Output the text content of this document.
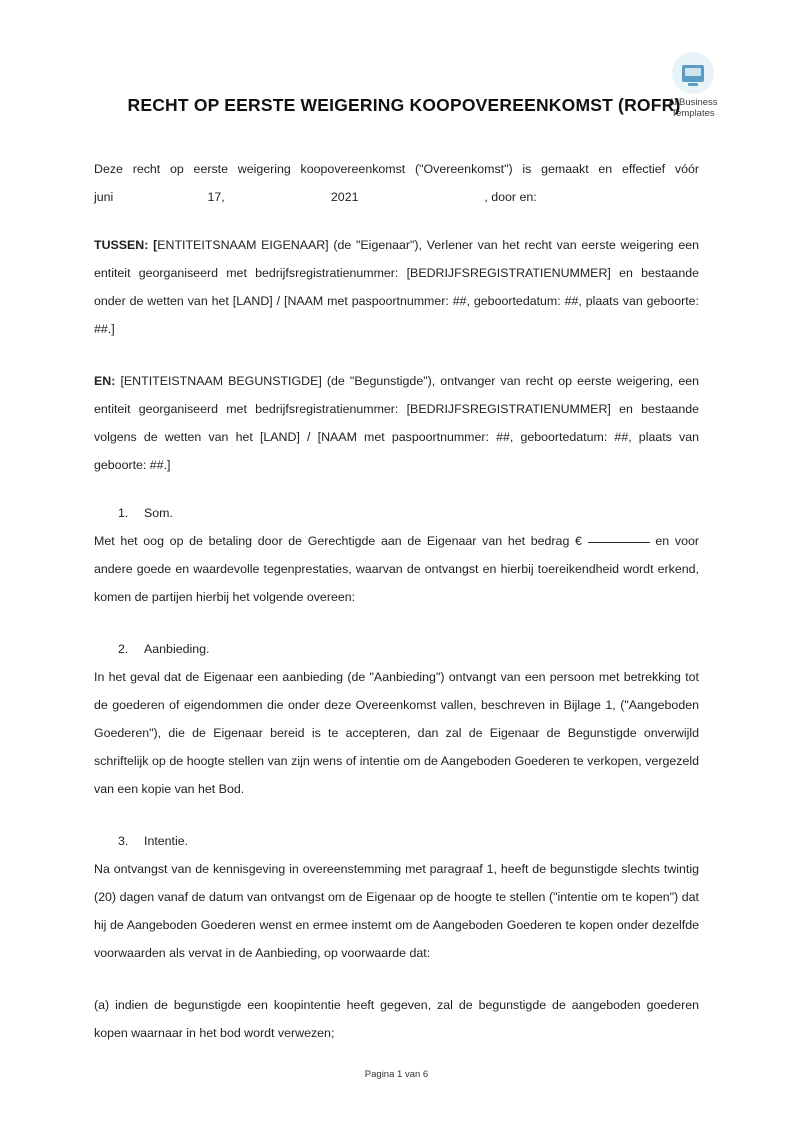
AllBusiness
Templates
RECHT OP EERSTE WEIGERING KOOPOVEREENKOMST (ROFR)

Deze recht op eerste weigering koopovereenkomst ("Overeenkomst") is gemaakt en effectief vóór juni	17,	2021	, door en:

TUSSEN: [ENTITEITSNAAM EIGENAAR] (de "Eigenaar"), Verlener van het recht van eerste weigering een entiteit georganiseerd met bedrijfsregistratienummer: [BEDRIJFSREGISTRATIENUMMER] en bestaande onder de wetten van het [LAND] / [NAAM met paspoortnummer: ##, geboortedatum: ##, plaats van geboorte: ##.]

EN: [ENTITEISTNAAM BEGUNSTIGDE] (de "Begunstigde"), ontvanger van recht op eerste weigering, een entiteit georganiseerd met bedrijfsregistratienummer: [BEDRIJFSREGISTRATIENUMMER] en bestaande volgens de wetten van het [LAND] / [NAAM met paspoortnummer: ##, geboortedatum: ##, plaats van geboorte: ##.]

1. Som.

Met het oog op de betaling door de Gerechtigde aan de Eigenaar van het bedrag €	en voor andere goede en waardevolle tegenprestaties, waarvan de ontvangst en hierbij toereikendheid wordt erkend, komen de partijen hierbij het volgende overeen:

2. Aanbieding.

In het geval dat de Eigenaar een aanbieding (de "Aanbieding") ontvangt van een persoon met betrekking tot de goederen of eigendommen die onder deze Overeenkomst vallen, beschreven in Bijlage 1, ("Aangeboden Goederen"), die de Eigenaar bereid is te accepteren, dan zal de Eigenaar de Begunstigde onverwijld schriftelijk op de hoogte stellen van zijn wens of intentie om de Aangeboden Goederen te verkopen, vergezeld van een kopie van het Bod.

3. Intentie.

Na ontvangst van de kennisgeving in overeenstemming met paragraaf 1, heeft de begunstigde slechts twintig (20) dagen vanaf de datum van ontvangst om de Eigenaar op de hoogte te stellen ("intentie om te kopen") dat hij de Aangeboden Goederen wenst en ermee instemt om de Aangeboden Goederen te kopen onder dezelfde voorwaarden als vervat in de Aanbieding, op voorwaarde dat:

(a) indien de begunstigde een koopintentie heeft gegeven, zal de begunstigde de aangeboden goederen kopen waarnaar in het bod wordt verwezen;

Pagina 1 van 6
